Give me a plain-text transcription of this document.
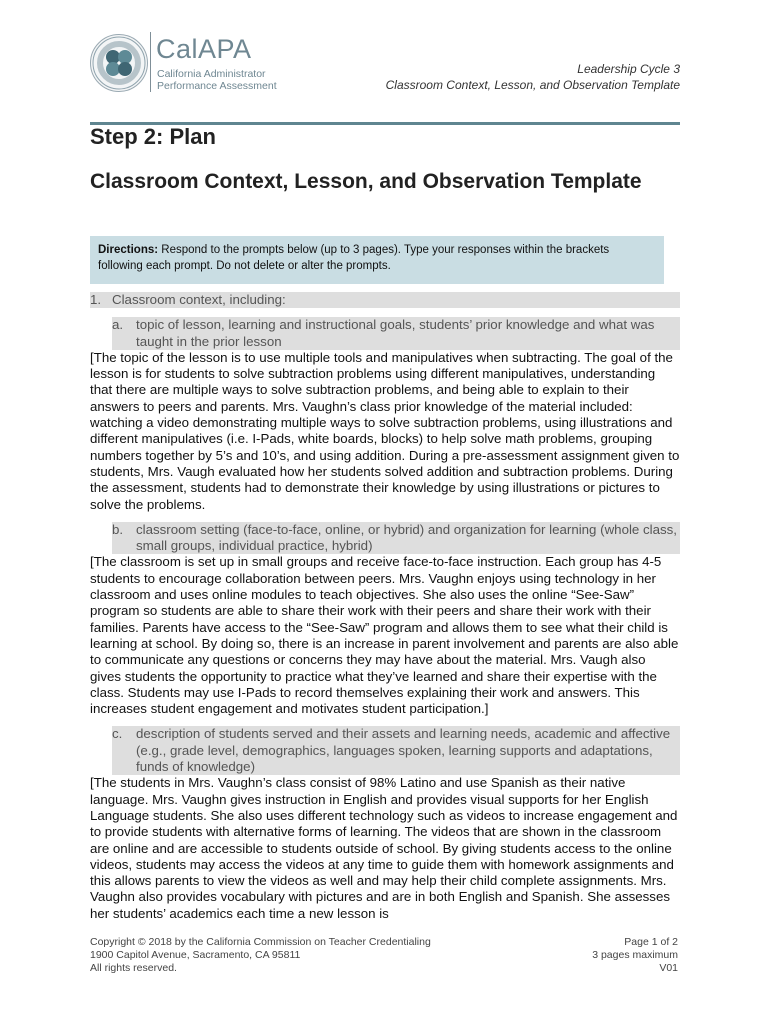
CalAPA
California Administrator
Performance Assessment
Leadership Cycle 3
Classroom Context, Lesson, and Observation Template
Step 2: Plan
Classroom Context, Lesson, and Observation Template
Directions: Respond to the prompts below (up to 3 pages). Type your responses within the brackets following each prompt. Do not delete or alter the prompts.
1. Classroom context, including:
a. topic of lesson, learning and instructional goals, students’ prior knowledge and what was taught in the prior lesson
[The topic of the lesson is to use multiple tools and manipulatives when subtracting. The goal of the lesson is for students to solve subtraction problems using different manipulatives, understanding that there are multiple ways to solve subtraction problems, and being able to explain to their answers to peers and parents. Mrs. Vaughn’s class prior knowledge of the material included: watching a video demonstrating multiple ways to solve subtraction problems, using illustrations and different manipulatives (i.e. I-Pads, white boards, blocks) to help solve math problems, grouping numbers together by 5’s and 10’s, and using addition. During a pre-assessment assignment given to students, Mrs. Vaugh evaluated how her students solved addition and subtraction problems. During the assessment, students had to demonstrate their knowledge by using illustrations or pictures to solve the problems.
b. classroom setting (face-to-face, online, or hybrid) and organization for learning (whole class, small groups, individual practice, hybrid)
[The classroom is set up in small groups and receive face-to-face instruction. Each group has 4-5 students to encourage collaboration between peers. Mrs. Vaughn enjoys using technology in her classroom and uses online modules to teach objectives. She also uses the online “See-Saw” program so students are able to share their work with their peers and share their work with their families. Parents have access to the “See-Saw” program and allows them to see what their child is learning at school. By doing so, there is an increase in parent involvement and parents are also able to communicate any questions or concerns they may have about the material. Mrs. Vaugh also gives students the opportunity to practice what they’ve learned and share their expertise with the class. Students may use I-Pads to record themselves explaining their work and answers. This increases student engagement and motivates student participation.]
c.	description of students served and their assets and learning needs, academic and affective (e.g., grade level, demographics, languages spoken, learning supports and adaptations, funds of knowledge)
[The students in Mrs. Vaughn’s class consist of 98% Latino and use Spanish as their native language. Mrs. Vaughn gives instruction in English and provides visual supports for her English Language students. She also uses different technology such as videos to increase engagement and to provide students with alternative forms of learning. The videos that are shown in the classroom are online and are accessible to students outside of school. By giving students access to the online videos, students may access the videos at any time to guide them with homework assignments and this allows parents to view the videos as well and may help their child complete assignments. Mrs. Vaughn also provides vocabulary with pictures and are in both English and Spanish. She assesses her students’ academics each time a new lesson is
Copyright © 2018 by the California Commission on Teacher Credentialing
1900 Capitol Avenue, Sacramento, CA 95811
All rights reserved.
Page 1 of 2
3 pages maximum
V01
